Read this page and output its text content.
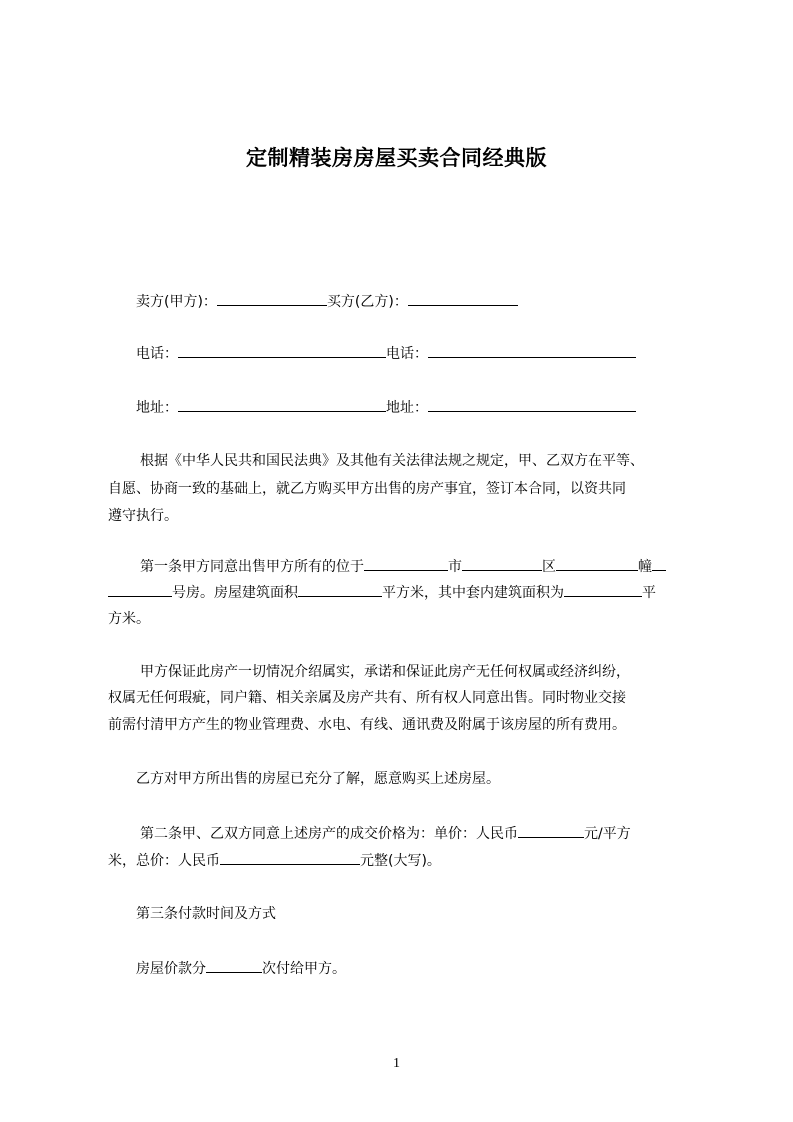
定制精装房房屋买卖合同经典版
卖方(甲方)：	买方(乙方)：
电话：	电话：
地址：	地址：
根据《中华人民共和国民法典》及其他有关法律法规之规定，甲、乙双方在平等、
自愿、协商一致的基础上，就乙方购买甲方出售的房产事宜，签订本合同，以资共同
遵守执行。
第一条甲方同意出售甲方所有的位于	市	区	幢
号房。房屋建筑面积	平方米，其中套内建筑面积为	平
方米。
甲方保证此房产一切情况介绍属实，承诺和保证此房产无任何权属或经济纠纷，
权属无任何瑕疵，同户籍、相关亲属及房产共有、所有权人同意出售。同时物业交接
前需付清甲方产生的物业管理费、水电、有线、通讯费及附属于该房屋的所有费用。
乙方对甲方所出售的房屋已充分了解，愿意购买上述房屋。
第二条甲、乙双方同意上述房产的成交价格为：单价：人民币	元/平方
米，总价：人民币	元整(大写)。
第三条付款时间及方式
房屋价款分	次付给甲方。
1
